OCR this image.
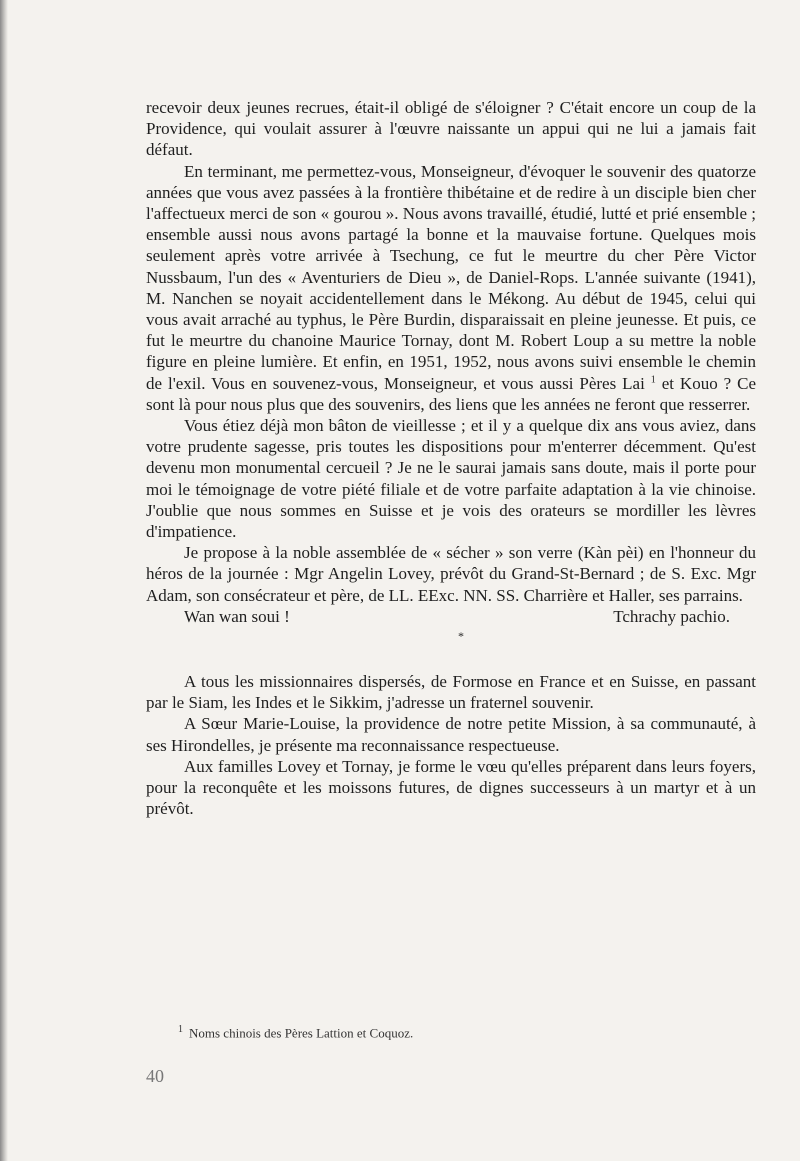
recevoir deux jeunes recrues, était-il obligé de s'éloigner ? C'était encore un coup de la Providence, qui voulait assurer à l'œuvre naissante un appui qui ne lui a jamais fait défaut.

En terminant, me permettez-vous, Monseigneur, d'évoquer le souvenir des quatorze années que vous avez passées à la frontière thibétaine et de redire à un disciple bien cher l'affectueux merci de son « gourou ». Nous avons travaillé, étudié, lutté et prié ensemble ; ensemble aussi nous avons partagé la bonne et la mauvaise fortune. Quelques mois seulement après votre arrivée à Tsechung, ce fut le meurtre du cher Père Victor Nussbaum, l'un des « Aventuriers de Dieu », de Daniel-Rops. L'année suivante (1941), M. Nanchen se noyait accidentellement dans le Mékong. Au début de 1945, celui qui vous avait arraché au typhus, le Père Burdin, disparaissait en pleine jeunesse. Et puis, ce fut le meurtre du chanoine Maurice Tornay, dont M. Robert Loup a su mettre la noble figure en pleine lumière. Et enfin, en 1951, 1952, nous avons suivi ensemble le chemin de l'exil. Vous en souvenez-vous, Monseigneur, et vous aussi Pères Lai $^1$ et Kouo ? Ce sont là pour nous plus que des souvenirs, des liens que les années ne feront que resserrer.

Vous étiez déjà mon bâton de vieillesse ; et il y a quelque dix ans vous aviez, dans votre prudente sagesse, pris toutes les dispositions pour m'enterrer décemment. Qu'est devenu mon monumental cercueil ? Je ne le saurai jamais sans doute, mais il porte pour moi le témoignage de votre piété filiale et de votre parfaite adaptation à la vie chinoise. J'oublie que nous sommes en Suisse et je vois des orateurs se mordiller les lèvres d'impatience.

Je propose à la noble assemblée de « sécher » son verre (Kàn pèi) en l'honneur du héros de la journée : Mgr Angelin Lovey, prévôt du Grand-St-Bernard ; de S. Exc. Mgr Adam, son consécrateur et père, de LL. EExc. NN. SS. Charrière et Haller, ses parrains.

Wan wan soui !	Tchrachy pachio.
*

A tous les missionnaires dispersés, de Formose en France et en Suisse, en passant par le Siam, les Indes et le Sikkim, j'adresse un fraternel souvenir.

A Sœur Marie-Louise, la providence de notre petite Mission, à sa communauté, à ses Hirondelles, je présente ma reconnaissance respectueuse.

Aux familles Lovey et Tornay, je forme le vœu qu'elles préparent dans leurs foyers, pour la reconquête et les moissons futures, de dignes successeurs à un martyr et à un prévôt.

$^1$ Noms chinois des Pères Lattion et Coquoz.
40
